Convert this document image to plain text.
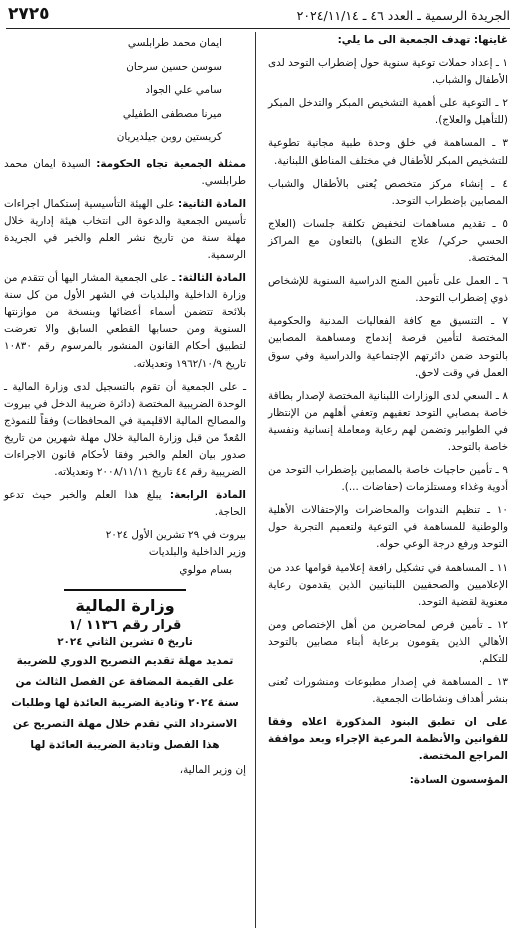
الجريدة الرسمية ـ العدد ٤٦ ـ ٢٠٢٤/١١/١٤
٢٧٢٥

غايتها: تهدف الجمعية الى ما يلي:

١ ـ إعداد حملات توعية سنوية حول إضطراب التوحد لدى الأطفال والشباب.

٢ ـ التوعية على أهمية التشخيص المبكر والتدخل المبكر (للتأهيل والعلاج).

٣ ـ المساهمة في خلق وحدة طبية مجانية تطوعية للتشخيص المبكر للأطفال في مختلف المناطق اللبنانية.

٤ ـ إنشاء مركز متخصص يُعنى بالأطفال والشباب المصابين بإضطراب التوحد.

٥ ـ تقديم مساهمات لتخفيض تكلفة جلسات (العلاج الحسي حركي/ علاج النطق) بالتعاون مع المراكز المختصة.

٦ ـ العمل على تأمين المنح الدراسية السنوية للإشخاص ذوي إضطراب التوحد.

٧ ـ التنسيق مع كافة الفعاليات المدنية والحكومية المختصة لتأمين فرصة إندماج ومساهمة المصابين بالتوحد ضمن دائرتهم الإجتماعية والدراسية وفي سوق العمل في وقت لاحق.

٨ ـ السعي لدى الوزارات اللبنانية المختصة لإصدار بطاقة خاصة بمصابي التوحد تعفيهم وتعفي أهلهم من الإنتظار في الطوابير وتضمن لهم رعاية ومعاملة إنسانية ونفسية خاصة بالتوحد.

٩ ـ تأمين حاجيات خاصة بالمصابين بإضطراب التوحد من أدوية وغذاء ومستلزمات (حفاضات ...).

١٠ ـ تنظيم الندوات والمحاضرات والإحتفالات الأهلية والوطنية للمساهمة في التوعية ولتعميم التجربة حول التوحد ورفع درجة الوعي حوله.

١١ ـ المساهمة في تشكيل رافعة إعلامية قوامها عدد من الإعلاميين والصحفيين اللبنانيين الذين يقدمون رعاية معنوية لقضية التوحد.

١٢ ـ تأمين فرص لمحاضرين من أهل الإختصاص ومن الأهالي الذين يقومون برعاية أبناء مصابين بالتوحد للتكلم.

١٣ ـ المساهمة في إصدار مطبوعات ومنشورات تُعنى بنشر أهداف ونشاطات الجمعية.

على ان تطبق البنود المذكورة اعلاه وفقا للقوانين والأنظمة المرعية الإجراء وبعد موافقة المراجع المختصة.

المؤسسون السادة:

ايمان محمد طرابلسي
سوسن حسين سرحان
سامي علي الجواد
ميرنا مصطفى الطفيلي
كريستين روبن جيلديريان

ممثلة الجمعية تجاه الحكومة: السيدة ايمان محمد طرابلسي.

المادة الثانية: على الهيئة التأسيسية إستكمال اجراءات تأسيس الجمعية والدعوة الى انتخاب هيئة إدارية خلال مهلة سنة من تاريخ نشر العلم والخبر في الجريدة الرسمية.

المادة الثالثة: ـ على الجمعية المشار اليها أن تتقدم من وزارة الداخلية والبلديات في الشهر الأول من كل سنة بلائحة تتضمن أسماء أعضائها وبنسخة من موازنتها السنوية ومن حسابها القطعي السابق والا تعرضت لتطبيق أحكام القانون المنشور بالمرسوم رقم ١٠٨٣٠ تاريخ ١٩٦٢/١٠/٩ وتعديلاته.

ـ على الجمعية أن تقوم بالتسجيل لدى وزارة المالية ـ الوحدة الضريبية المختصة (دائرة ضريبة الدخل في بيروت والمصالح المالية الاقليمية في المحافظات) وفقاً للنموذج المُعدّ من قبل وزارة المالية خلال مهلة شهرين من تاريخ صدور بيان العلم والخبر وفقا لأحكام قانون الاجراءات الضريبية رقم ٤٤ تاريخ ٢٠٠٨/١١/١١ وتعديلاته.

المادة الرابعة: يبلغ هذا العلم والخبر حيث تدعو الحاجة.

بيروت في ٢٩ تشرين الأول ٢٠٢٤

وزير الداخلية والبلديات

بسام مولوي

وزارة المالية

قرار رقم ١١٣٦ /١

تاريخ ٥ تشرين الثاني ٢٠٢٤

تمديد مهلة تقديم التصريح الدوري للضريبة على القيمة المضافة عن الفصل الثالث من سنة ٢٠٢٤ وتادية الضريبة العائدة لها وطلبات الاسترداد التي تقدم خلال مهلة التصريح عن هذا الفصل وتادية الضريبة العائدة لها

إن وزير المالية،
